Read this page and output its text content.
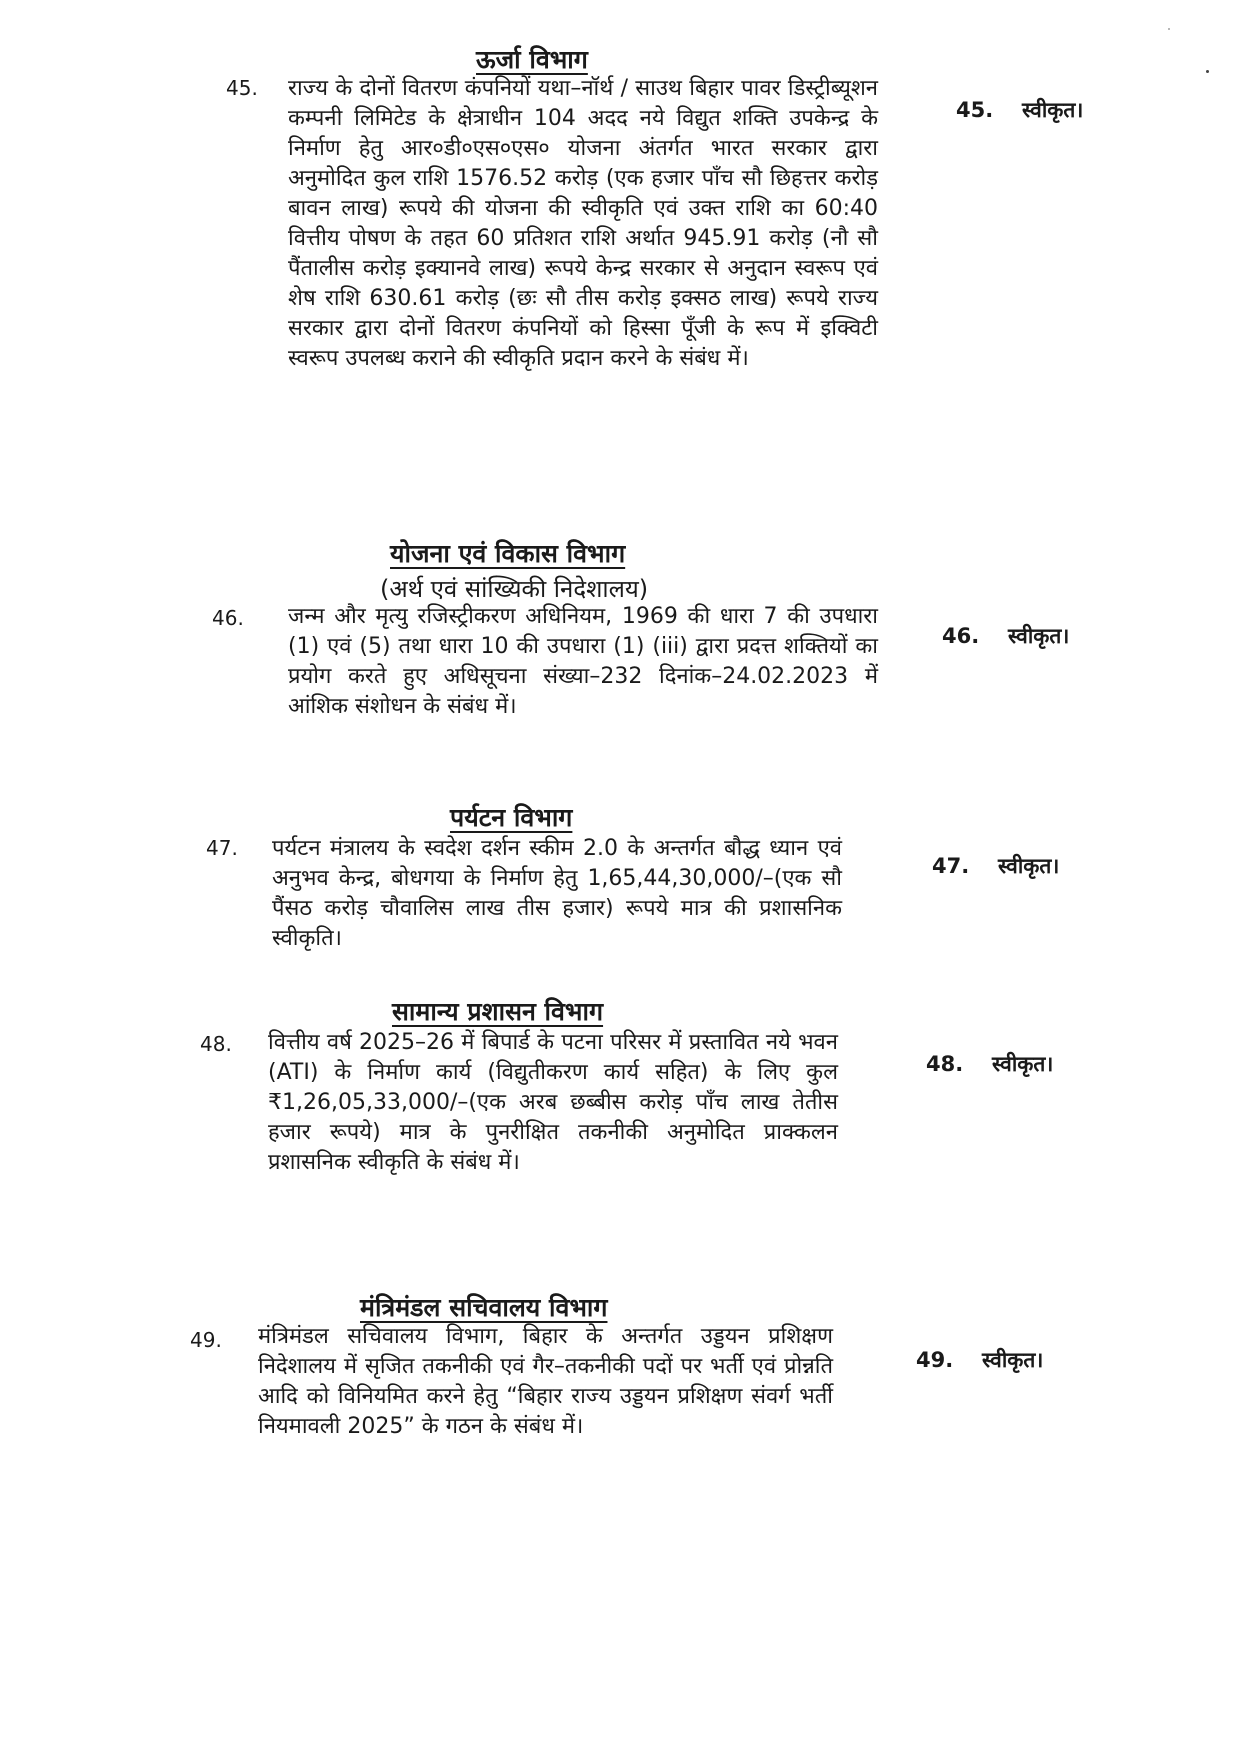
ऊर्जा विभाग
45. राज्य के दोनों वितरण कंपनियों यथा–नॉर्थ / साउथ बिहार पावर डिस्ट्रीब्यूशन कम्पनी लिमिटेड के क्षेत्राधीन 104 अदद नये विद्युत शक्ति उपकेन्द्र के निर्माण हेतु आर०डी०एस०एस० योजना अंतर्गत भारत सरकार द्वारा अनुमोदित कुल राशि 1576.52 करोड़ (एक हजार पाँच सौ छिहत्तर करोड़ बावन लाख) रूपये की योजना की स्वीकृति एवं उक्त राशि का 60:40 वित्तीय पोषण के तहत 60 प्रतिशत राशि अर्थात 945.91 करोड़ (नौ सौ पैंतालीस करोड़ इक्यानवे लाख) रूपये केन्द्र सरकार से अनुदान स्वरूप एवं शेष राशि 630.61 करोड़ (छः सौ तीस करोड़ इक्सठ लाख) रूपये राज्य सरकार द्वारा दोनों वितरण कंपनियों को हिस्सा पूँजी के रूप में इक्विटी स्वरूप उपलब्ध कराने की स्वीकृति प्रदान करने के संबंध में।
45. स्वीकृत।
योजना एवं विकास विभाग
(अर्थ एवं सांख्यिकी निदेशालय)
46. जन्म और मृत्यु रजिस्ट्रीकरण अधिनियम, 1969 की धारा 7 की उपधारा (1) एवं (5) तथा धारा 10 की उपधारा (1) (iii) द्वारा प्रदत्त शक्तियों का प्रयोग करते हुए अधिसूचना संख्या–232 दिनांक–24.02.2023 में आंशिक संशोधन के संबंध में।
46. स्वीकृत।
पर्यटन विभाग
47. पर्यटन मंत्रालय के स्वदेश दर्शन स्कीम 2.0 के अन्तर्गत बौद्ध ध्यान एवं अनुभव केन्द्र, बोधगया के निर्माण हेतु 1,65,44,30,000/–(एक सौ पैंसठ करोड़ चौवालिस लाख तीस हजार) रूपये मात्र की प्रशासनिक स्वीकृति।
47. स्वीकृत।
सामान्य प्रशासन विभाग
48. वित्तीय वर्ष 2025–26 में बिपार्ड के पटना परिसर में प्रस्तावित नये भवन (ATI) के निर्माण कार्य (विद्युतीकरण कार्य सहित) के लिए कुल ₹1,26,05,33,000/–(एक अरब छब्बीस करोड़ पाँच लाख तेतीस हजार रूपये) मात्र के पुनरीक्षित तकनीकी अनुमोदित प्राक्कलन प्रशासनिक स्वीकृति के संबंध में।
48. स्वीकृत।
मंत्रिमंडल सचिवालय विभाग
49. मंत्रिमंडल सचिवालय विभाग, बिहार के अन्तर्गत उड्डयन प्रशिक्षण निदेशालय में सृजित तकनीकी एवं गैर–तकनीकी पदों पर भर्ती एवं प्रोन्नति आदि को विनियमित करने हेतु “बिहार राज्य उड्डयन प्रशिक्षण संवर्ग भर्ती नियमावली 2025” के गठन के संबंध में।
49. स्वीकृत।
